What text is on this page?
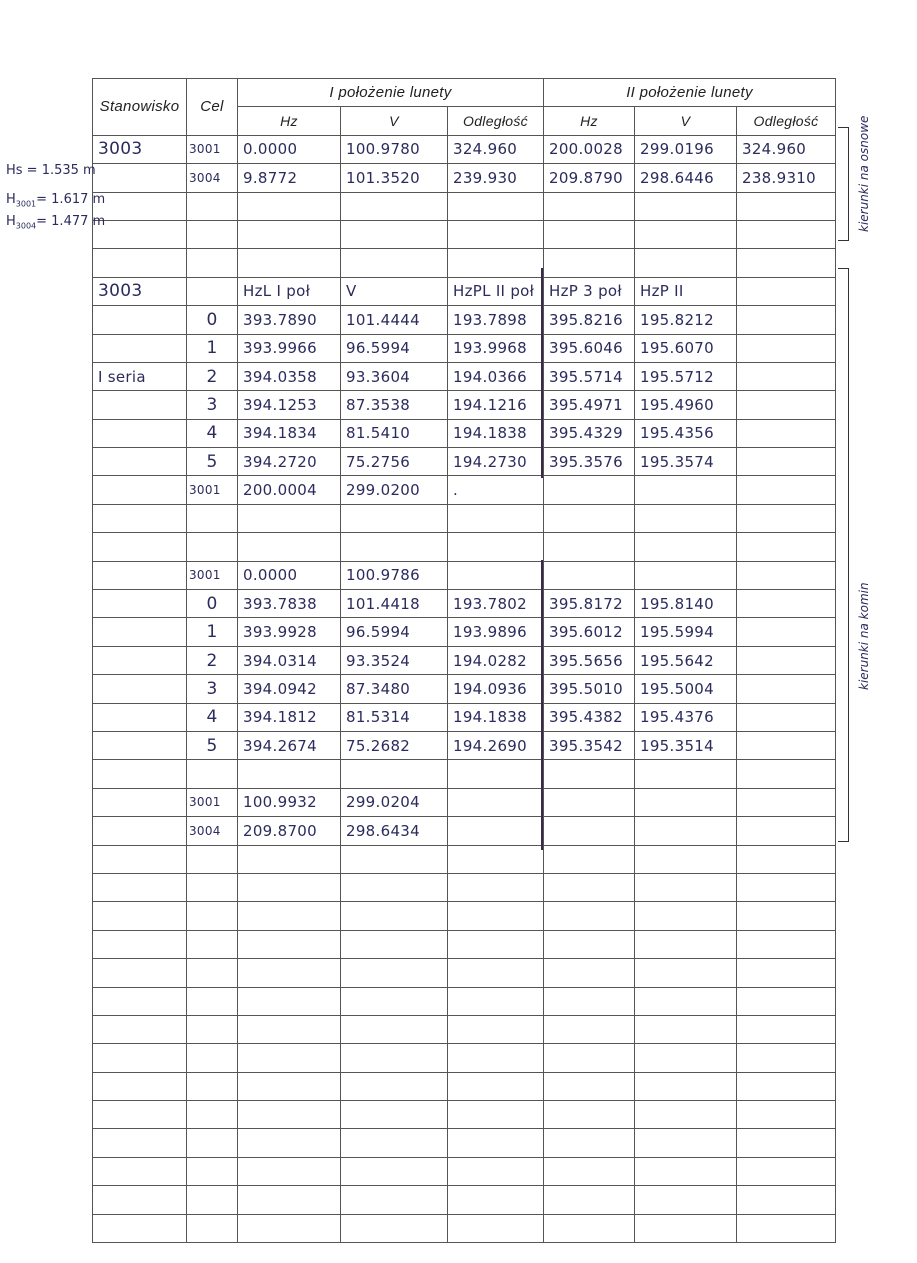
Stanowisko	Cel	I położenie lunety			II położenie lunety		
		Hz	V	Odległość	Hz	V	Odległość
3003	3001	0.0000	100.9780	324.960	200.0028	299.0196	324.960
	3004	9.8772	101.3520	239.930	209.8790	298.6446	238.9310

3003		HzL I poł	V	HzPL II poł	HzP 3 poł	HzP II	
	0	393.7890	101.4444	193.7898	395.8216	195.8212	
	1	393.9966	96.5994	193.9968	395.6046	195.6070	
I seria	2	394.0358	93.3604	194.0366	395.5714	195.5712	
	3	394.1253	87.3538	194.1216	395.4971	195.4960	
	4	394.1834	81.5410	194.1838	395.4329	195.4356	
	5	394.2720	75.2756	194.2730	395.3576	195.3574	
	3001	200.0004	299.0200	.			

	3001	0.0000	100.9786				
	0	393.7838	101.4418	193.7802	395.8172	195.8140	
	1	393.9928	96.5994	193.9896	395.6012	195.5994	
	2	394.0314	93.3524	194.0282	395.5656	195.5642	
	3	394.0942	87.3480	194.0936	395.5010	195.5004	
	4	394.1812	81.5314	194.1838	395.4382	195.4376	
	5	394.2674	75.2682	194.2690	395.3542	195.3514	

	3001	100.9932	299.0204				
	3004	209.8700	298.6434				

Hs = 1.535 m
$H_{3001}= 1.617$ m
$H_{3004}= 1.477$ m	kierunki na osnowe
kierunki na komin
